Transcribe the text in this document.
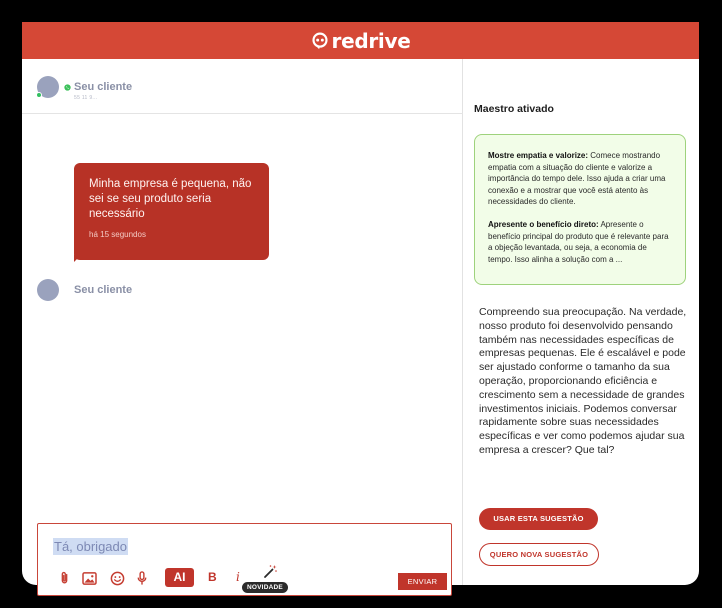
redrive
Seu cliente
55 11 9...
Minha empresa é pequena, não sei se seu produto seria necessário
há 15 segundos
Seu cliente
Tá, obrigado
AI	B i
NOVIDADE
ENVIAR
Maestro ativado

Mostre empatia e valorize: Comece mostrando empatia com a situação do cliente e valorize a importância do tempo dele. Isso ajuda a criar uma conexão e a mostrar que você está atento às necessidades do cliente.

Apresente o benefício direto: Apresente o benefício principal do produto que é relevante para a objeção levantada, ou seja, a economia de tempo. Isso alinha a solução com a ...

Compreendo sua preocupação. Na verdade, nosso produto foi desenvolvido pensando também nas necessidades específicas de empresas pequenas. Ele é escalável e pode ser ajustado conforme o tamanho da sua operação, proporcionando eficiência e crescimento sem a necessidade de grandes investimentos iniciais. Podemos conversar rapidamente sobre suas necessidades específicas e ver como podemos ajudar sua empresa a crescer? Que tal?
USAR ESTA SUGESTÃO
QUERO NOVA SUGESTÃO
